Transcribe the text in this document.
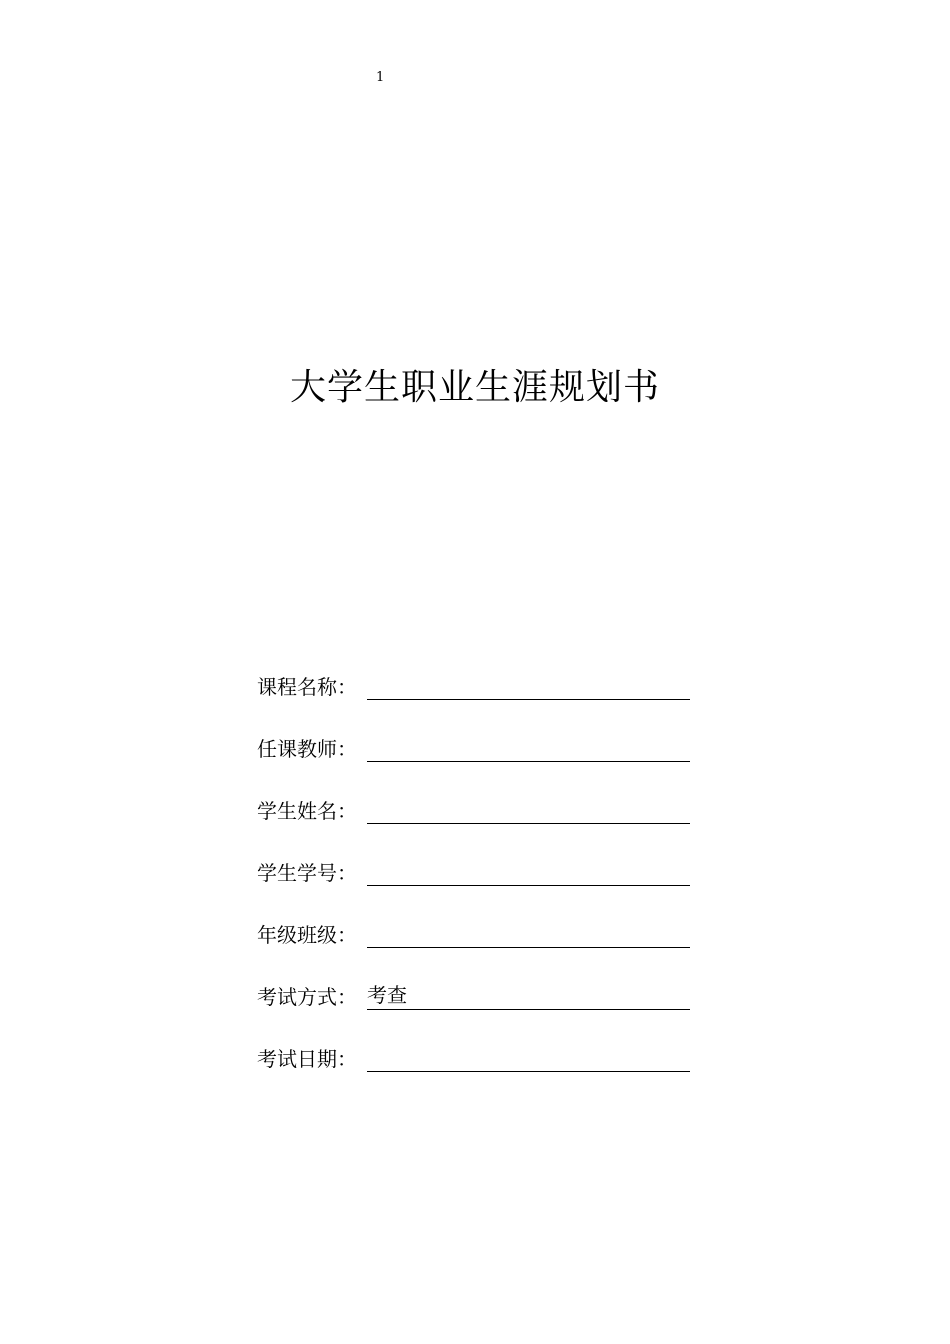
1
大学生职业生涯规划书
课程名称：
任课教师：
学生姓名：
学生学号：
年级班级：
考试方式： 考查
考试日期：
